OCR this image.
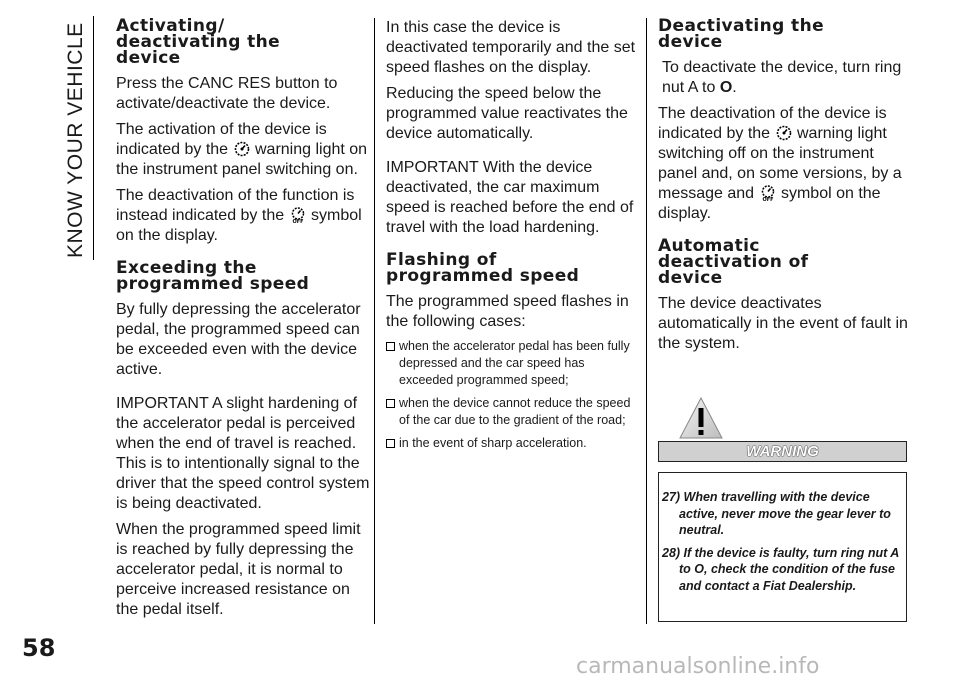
KNOW YOUR VEHICLE
58
Activating/
deactivating the
device

Press the CANC RES button to activate/deactivate the device.

The activation of the device is indicated by the warning light on the instrument panel switching on.

The deactivation of the function is instead indicated by the OFF symbol on the display.

Exceeding the
programmed speed

By fully depressing the accelerator pedal, the programmed speed can be exceeded even with the device active.

IMPORTANT A slight hardening of the accelerator pedal is perceived when the end of travel is reached. This is to intentionally signal to the driver that the speed control system is being deactivated.

When the programmed speed limit is reached by fully depressing the accelerator pedal, it is normal to perceive increased resistance on the pedal itself.

In this case the device is deactivated temporarily and the set speed flashes on the display.

Reducing the speed below the programmed value reactivates the device automatically.

IMPORTANT With the device deactivated, the car maximum speed is reached before the end of travel with the load hardening.

Flashing of
programmed speed

The programmed speed flashes in the following cases:

when the accelerator pedal has been fully depressed and the car speed has exceeded programmed speed;
when the device cannot reduce the speed of the car due to the gradient of the road;
in the event of sharp acceleration.
Deactivating the
device

To deactivate the device, turn ring nut A to O.

The deactivation of the device is indicated by the warning light switching off on the instrument panel and, on some versions, by a message and OFF symbol on the display.

Automatic
deactivation of
device

The device deactivates automatically in the event of fault in the system.

WARNING
27) When travelling with the device active, never move the gear lever to neutral.
28) If the device is faulty, turn ring nut A to O, check the condition of the fuse and contact a Fiat Dealership.
carmanualsonline.info
